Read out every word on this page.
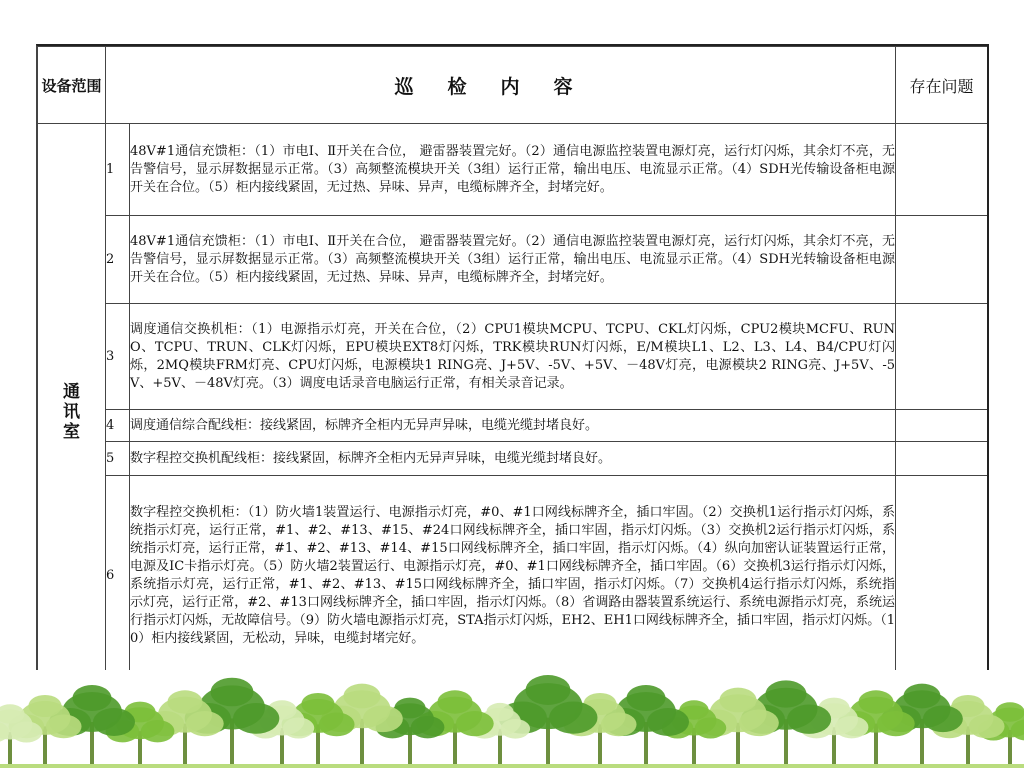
设备范围	巡检内容		存在问题
通讯室	1	48V#1通信充馈柜：（1）市电Ⅰ、Ⅱ开关在合位， 避雷器装置完好。（2）通信电源监控装置电源灯亮，运行灯闪烁，其余灯不亮，无告警信号，显示屏数据显示正常。（3）高频整流模块开关（3组）运行正常，输出电压、电流显示正常。（4）SDH光传输设备柜电源开关在合位。（5）柜内接线紧固，无过热、异味、异声，电缆标牌齐全，封堵完好。	
	2	48V#1通信充馈柜：（1）市电Ⅰ、Ⅱ开关在合位， 避雷器装置完好。（2）通信电源监控装置电源灯亮，运行灯闪烁，其余灯不亮，无告警信号，显示屏数据显示正常。（3）高频整流模块开关（3组）运行正常，输出电压、电流显示正常。（4）SDH光转输设备柜电源开关在合位。（5）柜内接线紧固，无过热、异味、异声，电缆标牌齐全，封堵完好。	
	3	调度通信交换机柜：（1）电源指示灯亮，开关在合位，（2）CPU1模块MCPU、TCPU、CKL灯闪烁，CPU2模块MCFU、RUNO、TCPU、TRUN、CLK灯闪烁，EPU模块EXT8灯闪烁，TRK模块RUN灯闪烁，E/M模块L1、L2、L3、L4、B4/CPU灯闪烁，2MQ模块FRM灯亮、CPU灯闪烁，电源模块1 RING亮、J+5V、-5V、+5V、－48V灯亮，电源模块2 RING亮、J+5V、-5V、+5V、－48V灯亮。（3）调度电话录音电脑运行正常，有相关录音记录。	
	4	调度通信综合配线柜：接线紧固，标牌齐全柜内无异声异味，电缆光缆封堵良好。	
	5	数字程控交换机配线柜：接线紧固，标牌齐全柜内无异声异味，电缆光缆封堵良好。	
	6	数字程控交换机柜：（1）防火墙1装置运行、电源指示灯亮，#0、#1口网线标牌齐全，插口牢固。（2）交换机1运行指示灯闪烁，系统指示灯亮，运行正常，#1、#2、#13、#15、#24口网线标牌齐全，插口牢固，指示灯闪烁。（3）交换机2运行指示灯闪烁，系统指示灯亮，运行正常，#1、#2、#13、#14、#15口网线标牌齐全，插口牢固，指示灯闪烁。（4）纵向加密认证装置运行正常，电源及IC卡指示灯亮。（5）防火墙2装置运行、电源指示灯亮，#0、#1口网线标牌齐全，插口牢固。（6）交换机3运行指示灯闪烁，系统指示灯亮，运行正常，#1、#2、#13、#15口网线标牌齐全，插口牢固，指示灯闪烁。（7）交换机4运行指示灯闪烁，系统指示灯亮，运行正常，#2、#13口网线标牌齐全，插口牢固，指示灯闪烁。（8）省调路由器装置系统运行、系统电源指示灯亮，系统运行指示灯闪烁，无故障信号。（9）防火墙电源指示灯亮，STA指示灯闪烁，EH2、EH1口网线标牌齐全，插口牢固，指示灯闪烁。（10）柜内接线紧固，无松动，异味，电缆封堵完好。	
